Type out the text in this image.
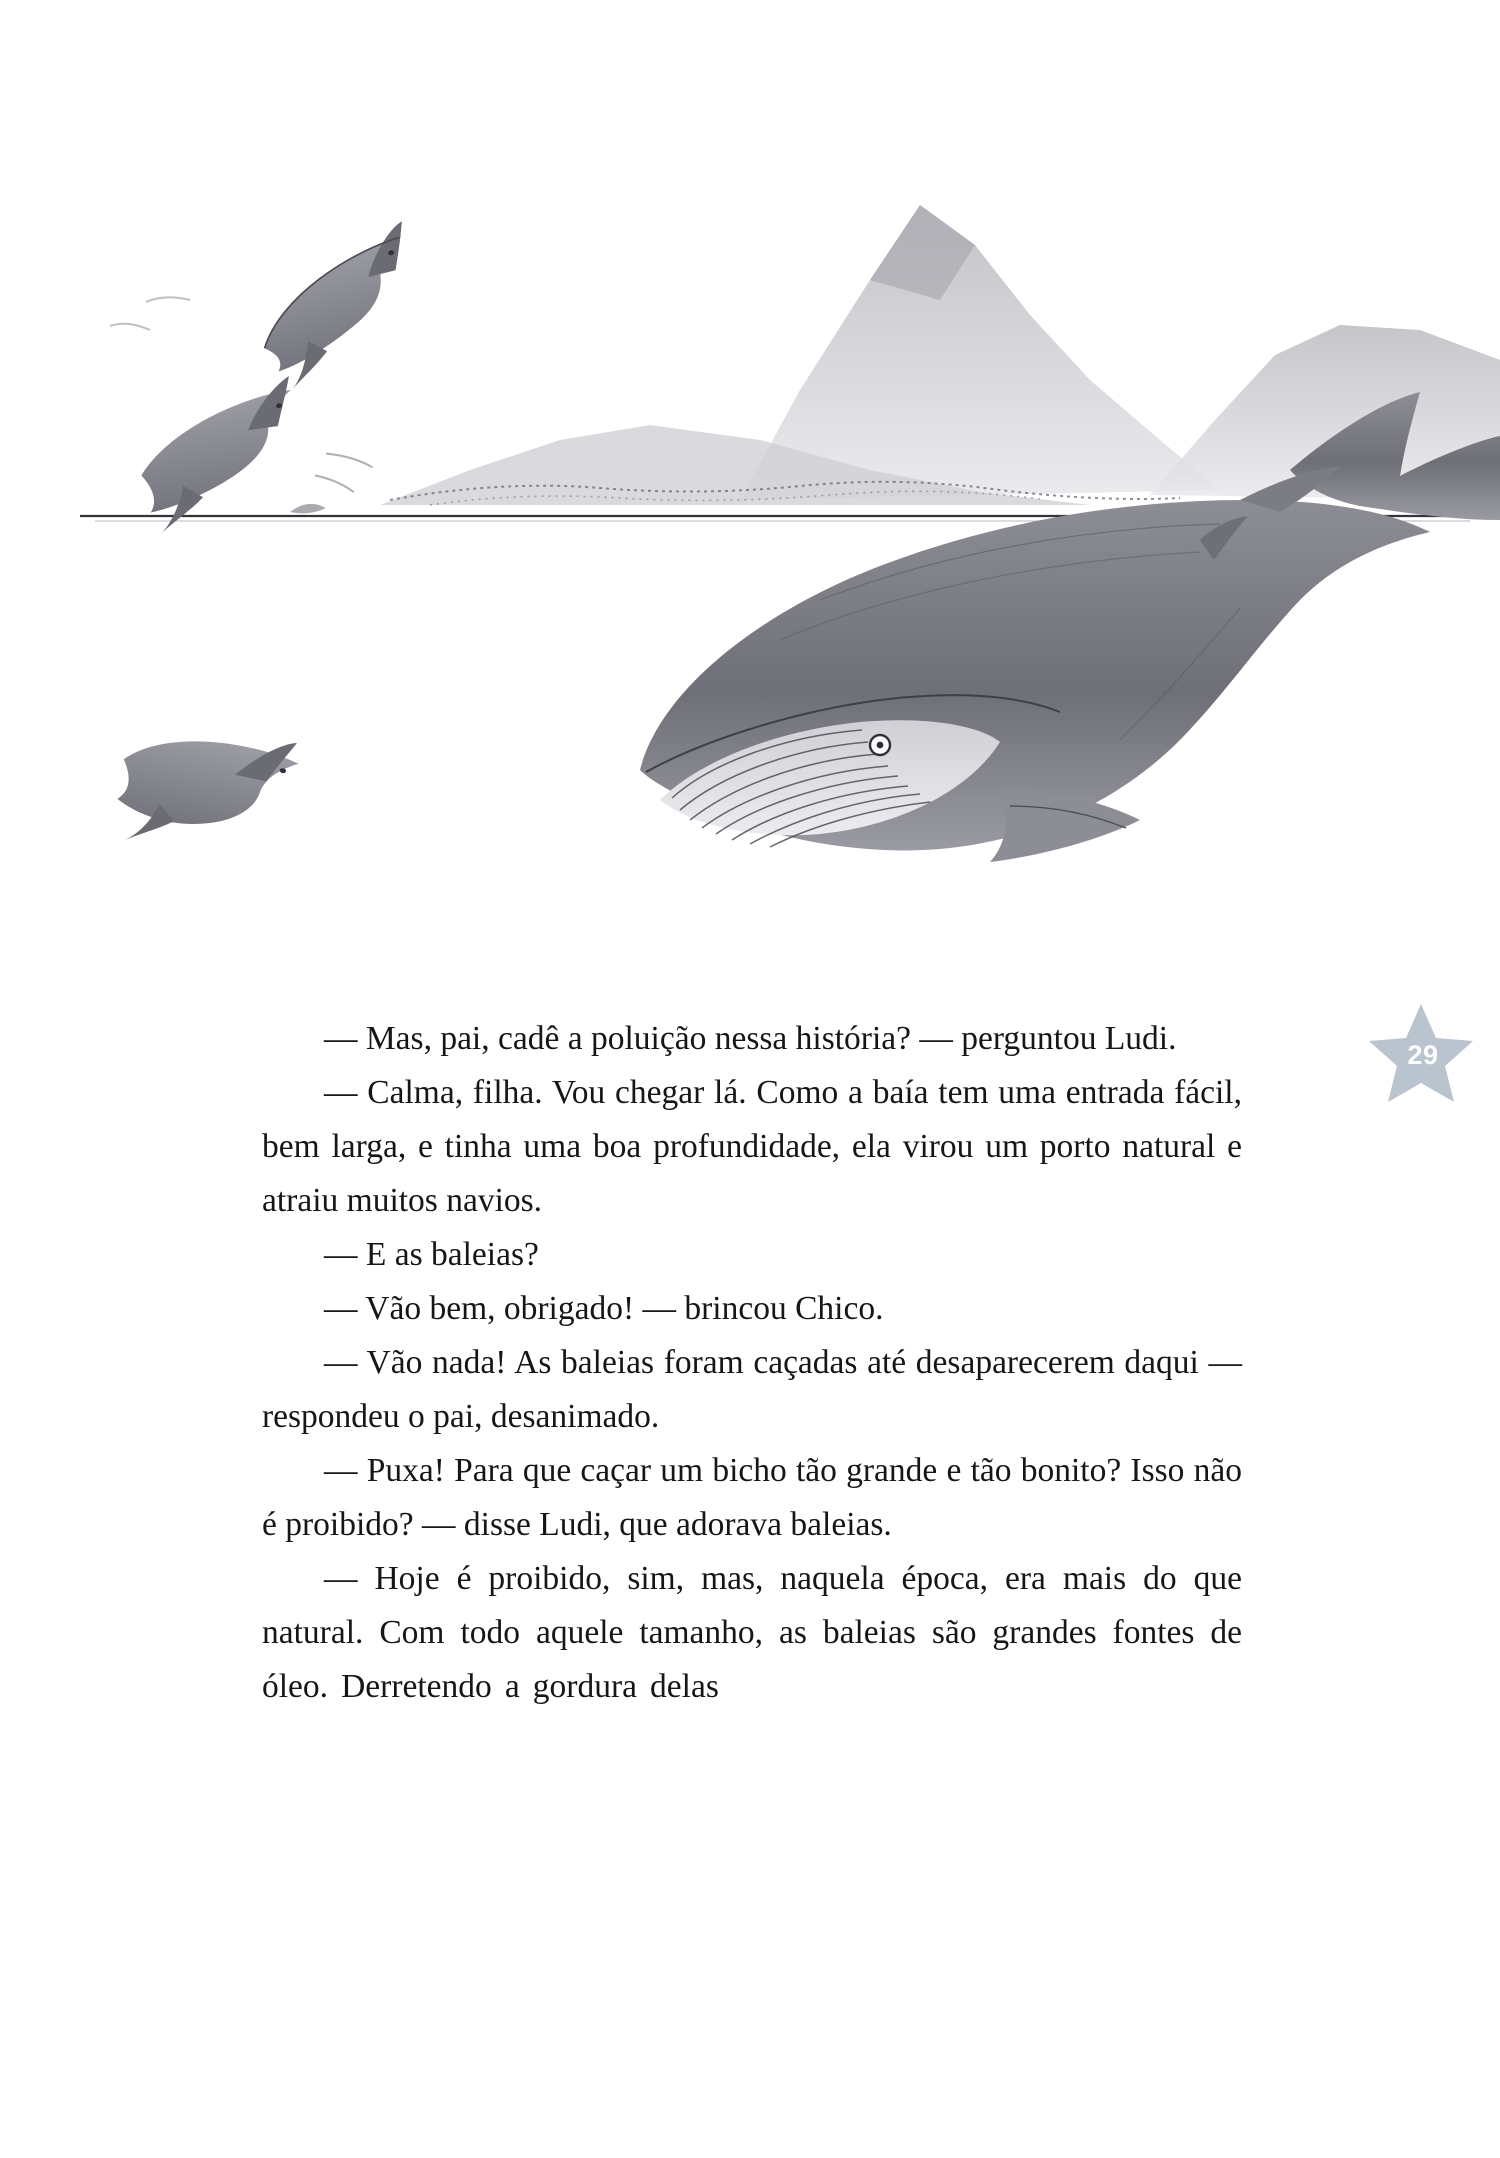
29

— Mas, pai, cadê a poluição nessa história? — perguntou Ludi.

— Calma, filha. Vou chegar lá. Como a baía tem uma entrada fácil, bem larga, e tinha uma boa profundidade, ela virou um porto natural e atraiu muitos navios.

— E as baleias?

— Vão bem, obrigado! — brincou Chico.

— Vão nada! As baleias foram caçadas até desaparecerem daqui — respondeu o pai, desanimado.

— Puxa! Para que caçar um bicho tão grande e tão bonito? Isso não é proibido? — disse Ludi, que adorava baleias.

— Hoje é proibido, sim, mas, naquela época, era mais do que natural. Com todo aquele tamanho, as baleias são grandes fontes de óleo. Derretendo a gordura delas
